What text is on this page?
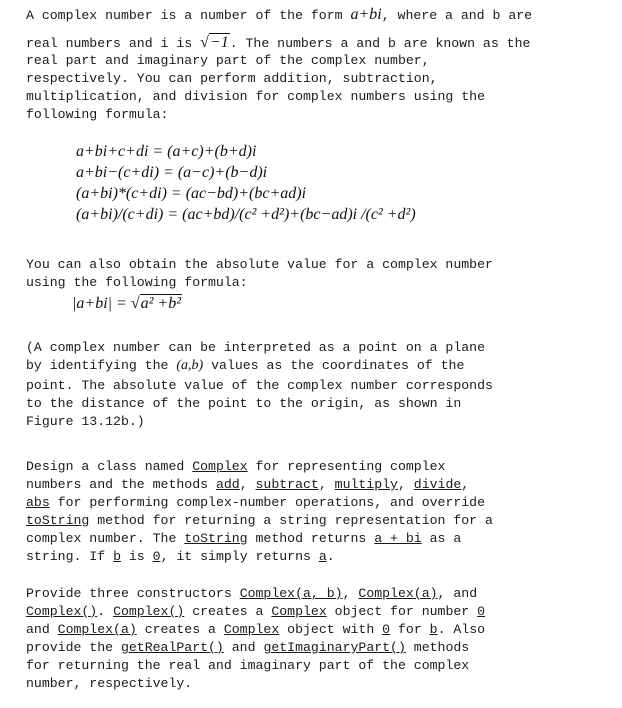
A complex number is a number of the form a+bi, where a and b are
real numbers and i is √−1. The numbers a and b are known as the
real part and imaginary part of the complex number,
respectively. You can perform addition, subtraction,
multiplication, and division for complex numbers using the
following formula:
a+bi+c+di = (a+c)+(b+d)i
a+bi−(c+di) = (a−c)+(b−d)i
(a+bi)*(c+di) = (ac−bd)+(bc+ad)i
(a+bi)/(c+di) = (ac+bd)/(c² +d²)+(bc−ad)i /(c² +d²)
You can also obtain the absolute value for a complex number
using the following formula:
|a+bi| = √a² +b²
(A complex number can be interpreted as a point on a plane
by identifying the (a,b) values as the coordinates of the
point. The absolute value of the complex number corresponds
to the distance of the point to the origin, as shown in
Figure 13.12b.)
Design a class named Complex for representing complex
numbers and the methods add, subtract, multiply, divide,
abs for performing complex-number operations, and override
toString method for returning a string representation for a
complex number. The toString method returns a + bi as a
string. If b is 0, it simply returns a.
Provide three constructors Complex(a, b), Complex(a), and
Complex(). Complex() creates a Complex object for number 0
and Complex(a) creates a Complex object with 0 for b. Also
provide the getRealPart() and getImaginaryPart() methods
for returning the real and imaginary part of the complex
number, respectively.
